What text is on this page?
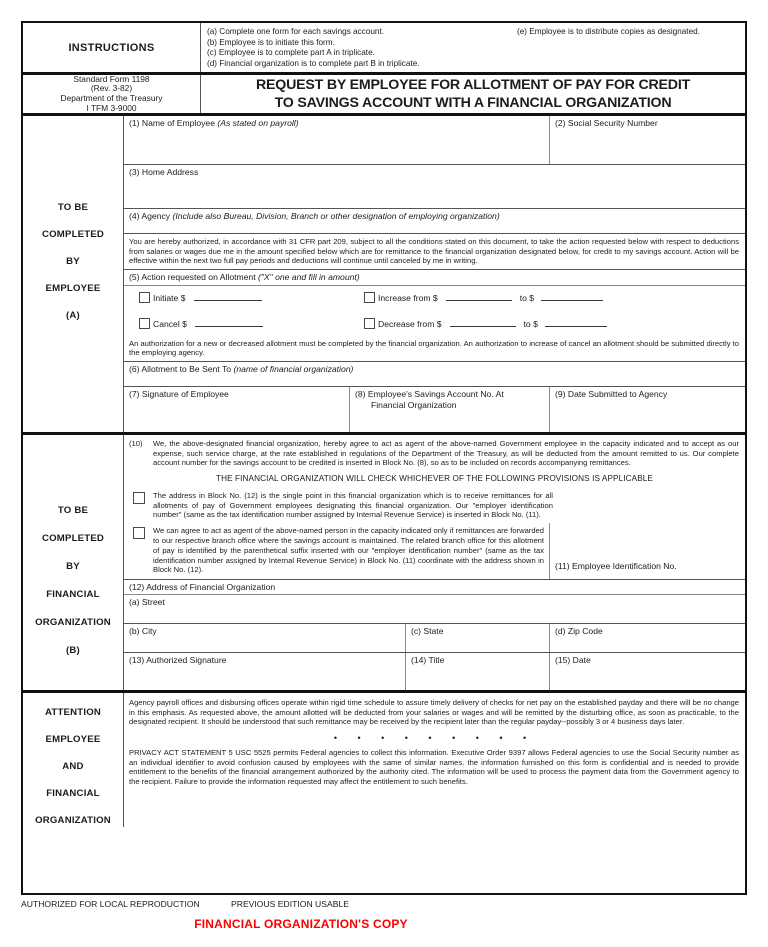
INSTRUCTIONS
(a) Complete one form for each savings account.
(b) Employee is to initiate this form.
(c) Employee is to complete part A in triplicate.
(d) Financial organization is to complete part B in triplicate.
(e) Employee is to distribute copies as designated.
Standard Form 1198
(Rev. 3-82)
Department of the Treasury
I TFM 3-9000
REQUEST BY EMPLOYEE FOR ALLOTMENT OF PAY FOR CREDIT
TO SAVINGS ACCOUNT WITH A FINANCIAL ORGANIZATION
TO BE
COMPLETED
BY
EMPLOYEE
(A)
(1) Name of Employee (As stated on payroll)	(2) Social Security Number
(3) Home Address
(4) Agency (Include also Bureau, Division, Branch or other designation of employing organization)
You are hereby authorized, in accordance with 31 CFR part 209, subject to all the conditions stated on this document, to take the action requested below with respect to deductions from salaries or wages due me in the amount specified below which are for remittance to the financial organization designated below, for credit to my savings account. Action will be effective within the next two full pay periods and deductions will continue until canceled by me in writing.
(5) Action requested on Allotment ("X" one and fill in amount)
Initiate $	Increase from $	to $
Cancel $	Decrease from $	to $
An authorization for a new or decreased allotment must be completed by the financial organization. An authorization to increase of cancel an allotment should be submitted directly to the employing agency.
(6) Allotment to Be Sent To (name of financial organization)
(7) Signature of Employee	(8) Employee's Savings Account No. At
Financial Organization
(9) Date Submitted to Agency
TO BE
COMPLETED
BY
FINANCIAL
ORGANIZATION
(B)
(10)	We, the above-designated financial organization, hereby agree to act as agent of the above-named Government employee in the capacity indicated and to accept as our expense, such service charge, at the rate established in regulations of the Department of the Treasury, as will be deducted from the amount remitted to us. Our complete account number for the savings account to be credited is inserted in Block No. (8), so as to be included on records accompanying remittances.
THE FINANCIAL ORGANIZATION WILL CHECK WHICHEVER OF THE FOLLOWING PROVISIONS IS APPLICABLE
The address in Block No. (12) is the single point in this financial organization which is to receive remittances for all allotments of pay of Government employees designating this financial organization. Our "employer identification number" (same as the tax identification number assigned by Internal Revenue Service) is inserted in Block No. (11).
We can agree to act as agent of the above-named person in the capacity indicated only if remittances are forwarded to our respective branch office where the savings account is maintained. The related branch office for this allotment of pay is identified by the parenthetical suffix inserted with our "employer identification number" (same as the tax identification number assigned by Internal Revenue Service) in Block No. (11) coordinate with the address shown in Block No. (12).	(11) Employee Identification No.
(12) Address of Financial Organization
(a) Street
(b) City	(c) State	(d) Zip Code
(13) Authorized Signature	(14) Title	(15) Date
ATTENTION
EMPLOYEE
AND
FINANCIAL
ORGANIZATION
Agency payroll offices and disbursing offices operate within rigid time schedule to assure timely delivery of checks for net pay on the established payday and there will be no change in this emphasis. As requested above, the amount allotted will be deducted from your salaries or wages and will be remitted by the disturbing office, as soon as practicable, to the designated recipient. It should be understood that such remittance may be received by the recipient later than the regular payday--possibly 3 or 4 business days later.
• • • • • • • • •
PRIVACY ACT STATEMENT 5 USC 5525 permits Federal agencies to collect this information. Executive Order 9397 allows Federal agencies to use the Social Security number as an individual identifier to avoid confusion caused by employees with the same of similar names. the information furnished on this form is confidential and is needed to provide entitlement to the benefits of the financial arrangement authorized by the authority cited. The information will be used to process the payment data from the Government agency to the recipient. Failure to provide the information requested may affect the entitlement to such benefits.
AUTHORIZED FOR LOCAL REPRODUCTION	PREVIOUS EDITION USABLE
FINANCIAL ORGANIZATION'S COPY
